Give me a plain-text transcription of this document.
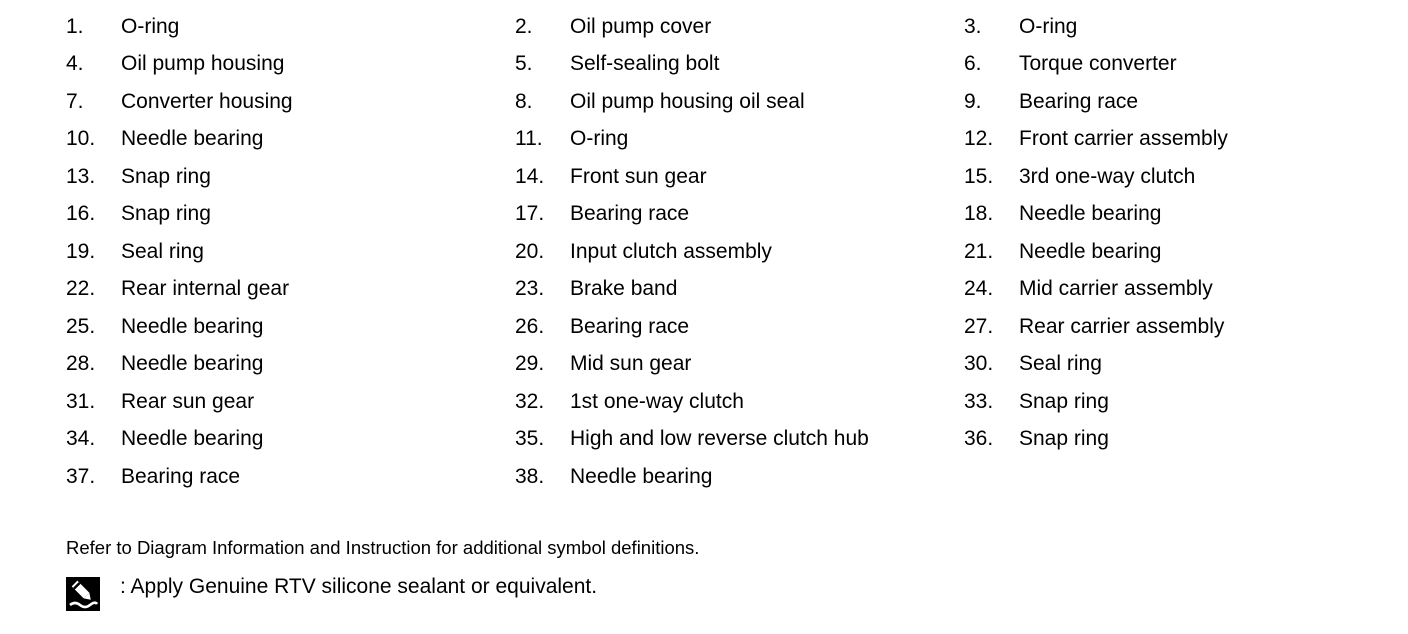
1.	O-ring	2.	Oil pump cover	3.	O-ring
4.	Oil pump housing	5.	Self-sealing bolt	6.	Torque converter
7.	Converter housing	8.	Oil pump housing oil seal	9.	Bearing race
10.	Needle bearing	11.	O-ring	12.	Front carrier assembly
13.	Snap ring	14.	Front sun gear	15.	3rd one-way clutch
16.	Snap ring	17.	Bearing race	18.	Needle bearing
19.	Seal ring	20.	Input clutch assembly	21.	Needle bearing
22.	Rear internal gear	23.	Brake band	24.	Mid carrier assembly
25.	Needle bearing	26.	Bearing race	27.	Rear carrier assembly
28.	Needle bearing	29.	Mid sun gear	30.	Seal ring
31.	Rear sun gear	32.	1st one-way clutch	33.	Snap ring
34.	Needle bearing	35.	High and low reverse clutch hub	36.	Snap ring
37.	Bearing race	38.	Needle bearing
Refer to Diagram Information and Instruction for additional symbol definitions.
: Apply Genuine RTV silicone sealant or equivalent.
